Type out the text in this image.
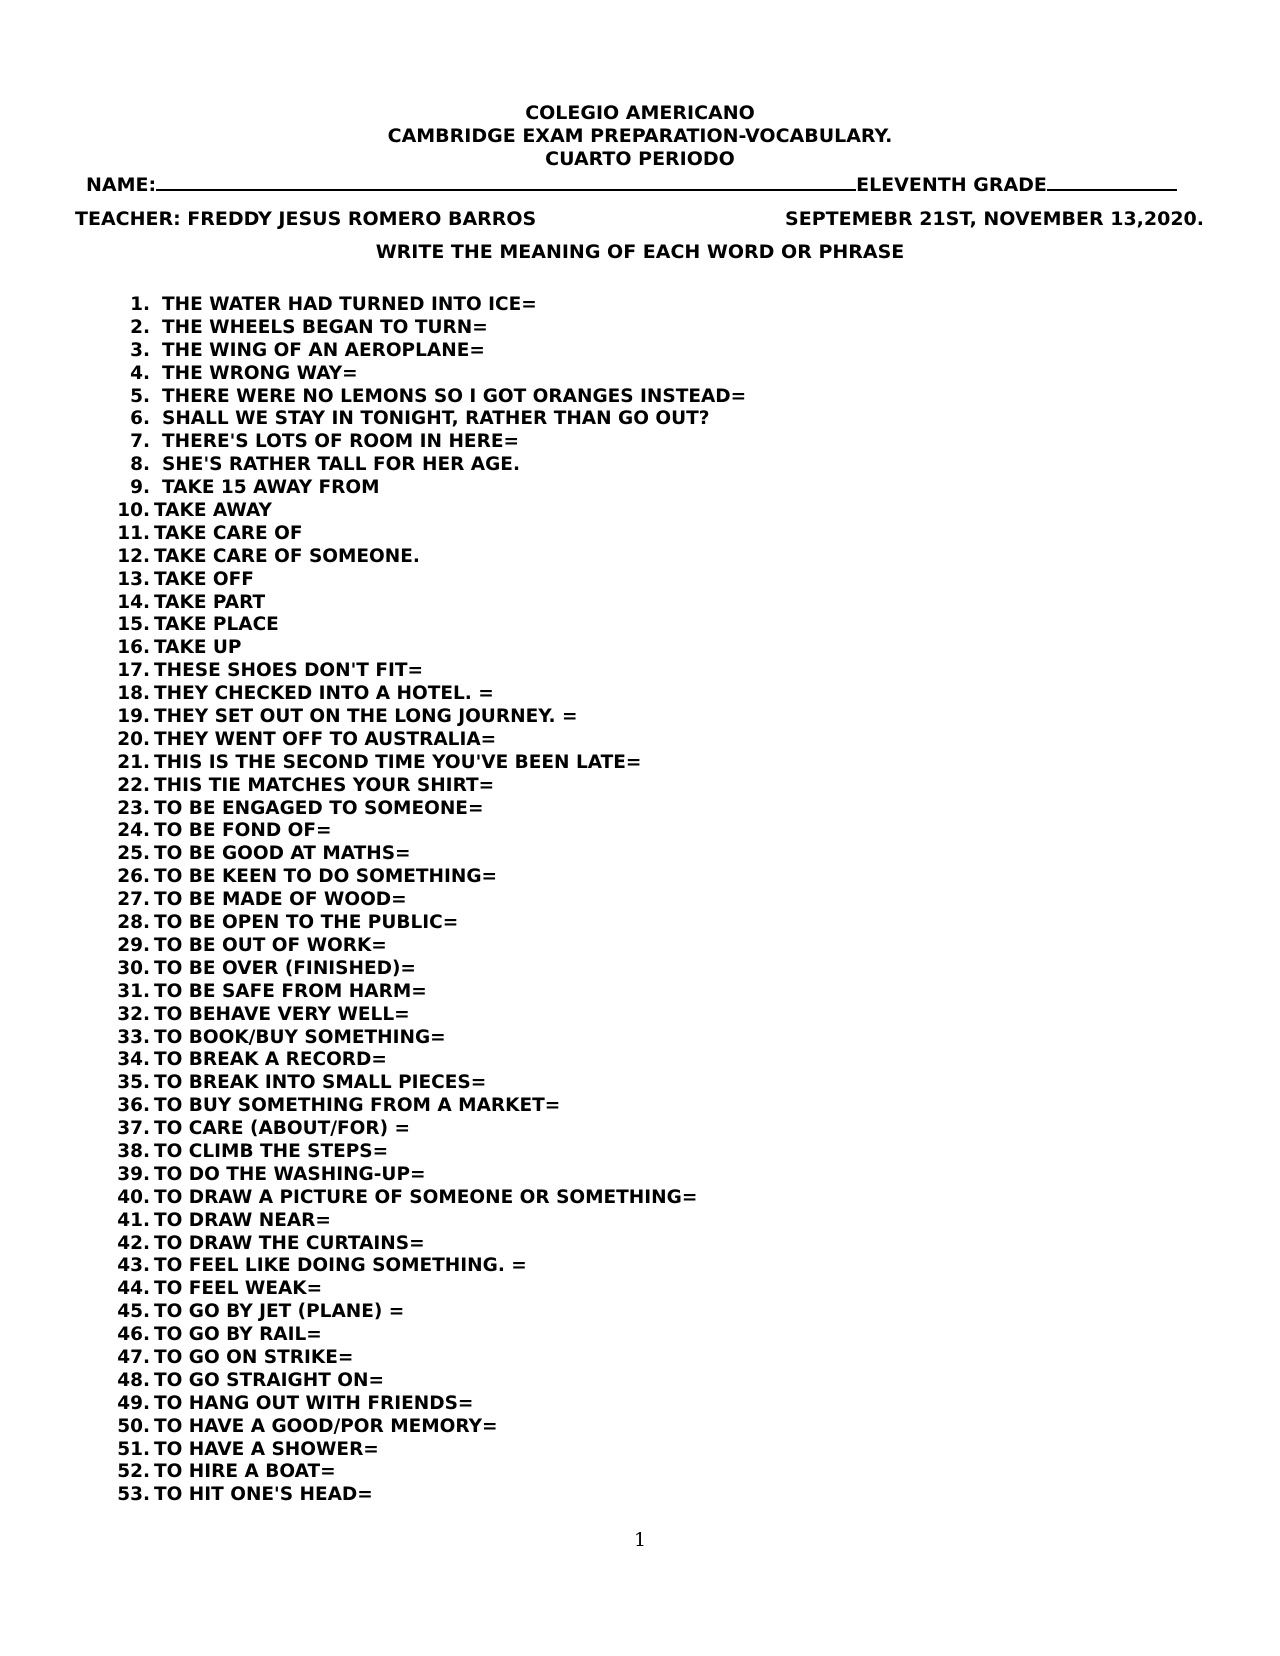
COLEGIO AMERICANO
CAMBRIDGE EXAM PREPARATION-VOCABULARY.
CUARTO PERIODO
NAME:	ELEVENTH GRADE
TEACHER: FREDDY JESUS ROMERO BARROS	SEPTEMEBR 21ST, NOVEMBER 13,2020.
WRITE THE MEANING OF EACH WORD OR PHRASE
1. THE WATER HAD TURNED INTO ICE=
2. THE WHEELS BEGAN TO TURN=
3. THE WING OF AN AEROPLANE=
4. THE WRONG WAY=
5. THERE WERE NO LEMONS SO I GOT ORANGES INSTEAD=
6. SHALL WE STAY IN TONIGHT, RATHER THAN GO OUT?
7. THERE'S LOTS OF ROOM IN HERE=
8. SHE'S RATHER TALL FOR HER AGE.
9. TAKE 15 AWAY FROM
10. TAKE AWAY
11. TAKE CARE OF
12. TAKE CARE OF SOMEONE.
13. TAKE OFF
14. TAKE PART
15. TAKE PLACE
16. TAKE UP
17. THESE SHOES DON'T FIT=
18. THEY CHECKED INTO A HOTEL. =
19. THEY SET OUT ON THE LONG JOURNEY. =
20. THEY WENT OFF TO AUSTRALIA=
21. THIS IS THE SECOND TIME YOU'VE BEEN LATE=
22. THIS TIE MATCHES YOUR SHIRT=
23. TO BE ENGAGED TO SOMEONE=
24. TO BE FOND OF=
25. TO BE GOOD AT MATHS=
26. TO BE KEEN TO DO SOMETHING=
27. TO BE MADE OF WOOD=
28. TO BE OPEN TO THE PUBLIC=
29. TO BE OUT OF WORK=
30. TO BE OVER (FINISHED)=
31. TO BE SAFE FROM HARM=
32. TO BEHAVE VERY WELL=
33. TO BOOK/BUY SOMETHING=
34. TO BREAK A RECORD=
35. TO BREAK INTO SMALL PIECES=
36. TO BUY SOMETHING FROM A MARKET=
37. TO CARE (ABOUT/FOR) =
38. TO CLIMB THE STEPS=
39. TO DO THE WASHING-UP=
40. TO DRAW A PICTURE OF SOMEONE OR SOMETHING=
41. TO DRAW NEAR=
42. TO DRAW THE CURTAINS=
43. TO FEEL LIKE DOING SOMETHING. =
44. TO FEEL WEAK=
45. TO GO BY JET (PLANE) =
46. TO GO BY RAIL=
47. TO GO ON STRIKE=
48. TO GO STRAIGHT ON=
49. TO HANG OUT WITH FRIENDS=
50. TO HAVE A GOOD/POR MEMORY=
51. TO HAVE A SHOWER=
52. TO HIRE A BOAT=
53. TO HIT ONE'S HEAD=
1
